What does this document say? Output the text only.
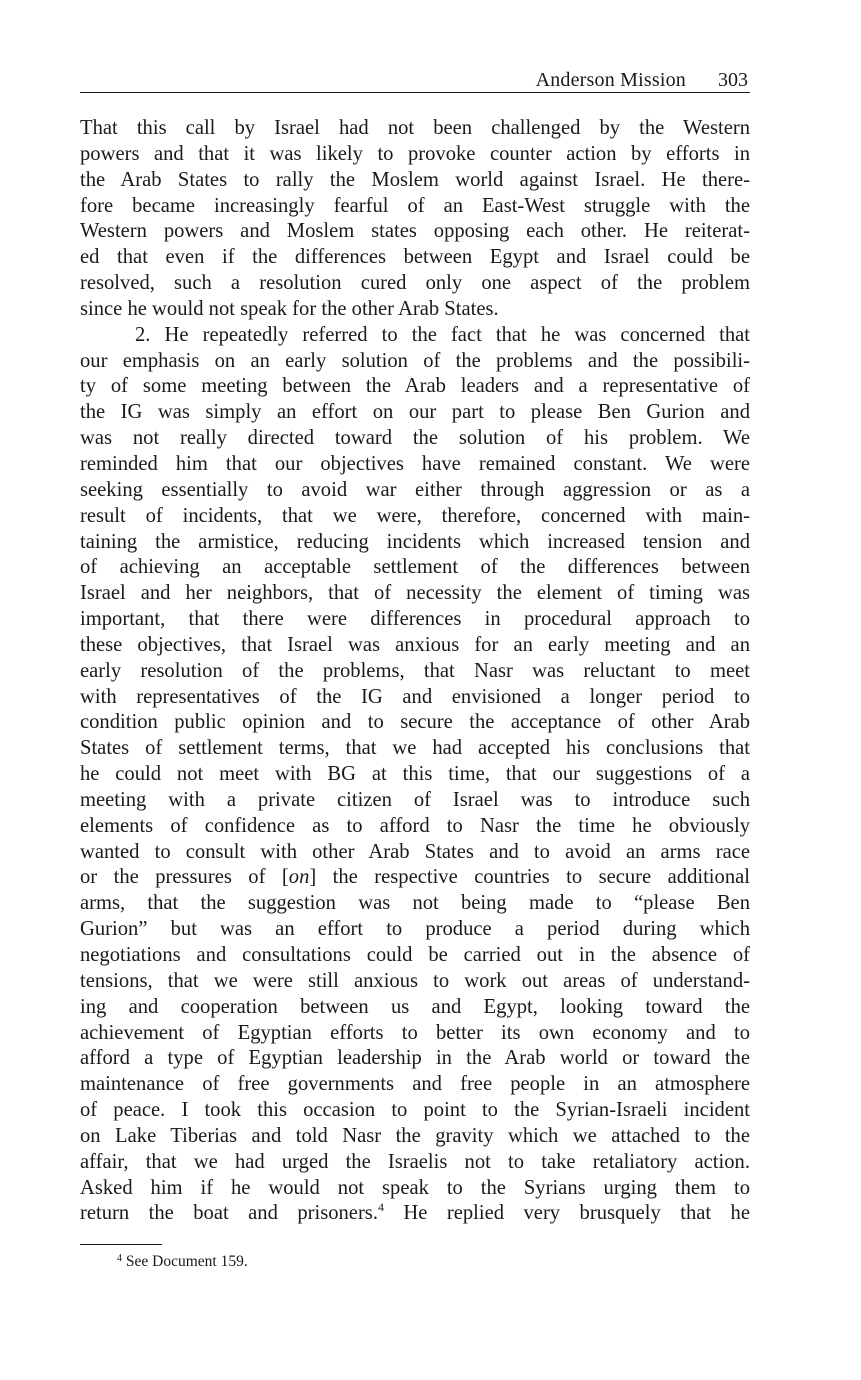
Anderson Mission 303
That this call by Israel had not been challenged by the Western
powers and that it was likely to provoke counter action by efforts in
the Arab States to rally the Moslem world against Israel. He there-
fore became increasingly fearful of an East-West struggle with the
Western powers and Moslem states opposing each other. He reiterat-
ed that even if the differences between Egypt and Israel could be
resolved, such a resolution cured only one aspect of the problem
since he would not speak for the other Arab States.
2. He repeatedly referred to the fact that he was concerned that
our emphasis on an early solution of the problems and the possibili-
ty of some meeting between the Arab leaders and a representative of
the IG was simply an effort on our part to please Ben Gurion and
was not really directed toward the solution of his problem. We
reminded him that our objectives have remained constant. We were
seeking essentially to avoid war either through aggression or as a
result of incidents, that we were, therefore, concerned with main-
taining the armistice, reducing incidents which increased tension and
of achieving an acceptable settlement of the differences between
Israel and her neighbors, that of necessity the element of timing was
important, that there were differences in procedural approach to
these objectives, that Israel was anxious for an early meeting and an
early resolution of the problems, that Nasr was reluctant to meet
with representatives of the IG and envisioned a longer period to
condition public opinion and to secure the acceptance of other Arab
States of settlement terms, that we had accepted his conclusions that
he could not meet with BG at this time, that our suggestions of a
meeting with a private citizen of Israel was to introduce such
elements of confidence as to afford to Nasr the time he obviously
wanted to consult with other Arab States and to avoid an arms race
or the pressures of [on] the respective countries to secure additional
arms, that the suggestion was not being made to “please Ben
Gurion” but was an effort to produce a period during which
negotiations and consultations could be carried out in the absence of
tensions, that we were still anxious to work out areas of understand-
ing and cooperation between us and Egypt, looking toward the
achievement of Egyptian efforts to better its own economy and to
afford a type of Egyptian leadership in the Arab world or toward the
maintenance of free governments and free people in an atmosphere
of peace. I took this occasion to point to the Syrian-Israeli incident
on Lake Tiberias and told Nasr the gravity which we attached to the
affair, that we had urged the Israelis not to take retaliatory action.
Asked him if he would not speak to the Syrians urging them to
return the boat and prisoners.$^4$ He replied very brusquely that he
$^4$ See Document 159.
